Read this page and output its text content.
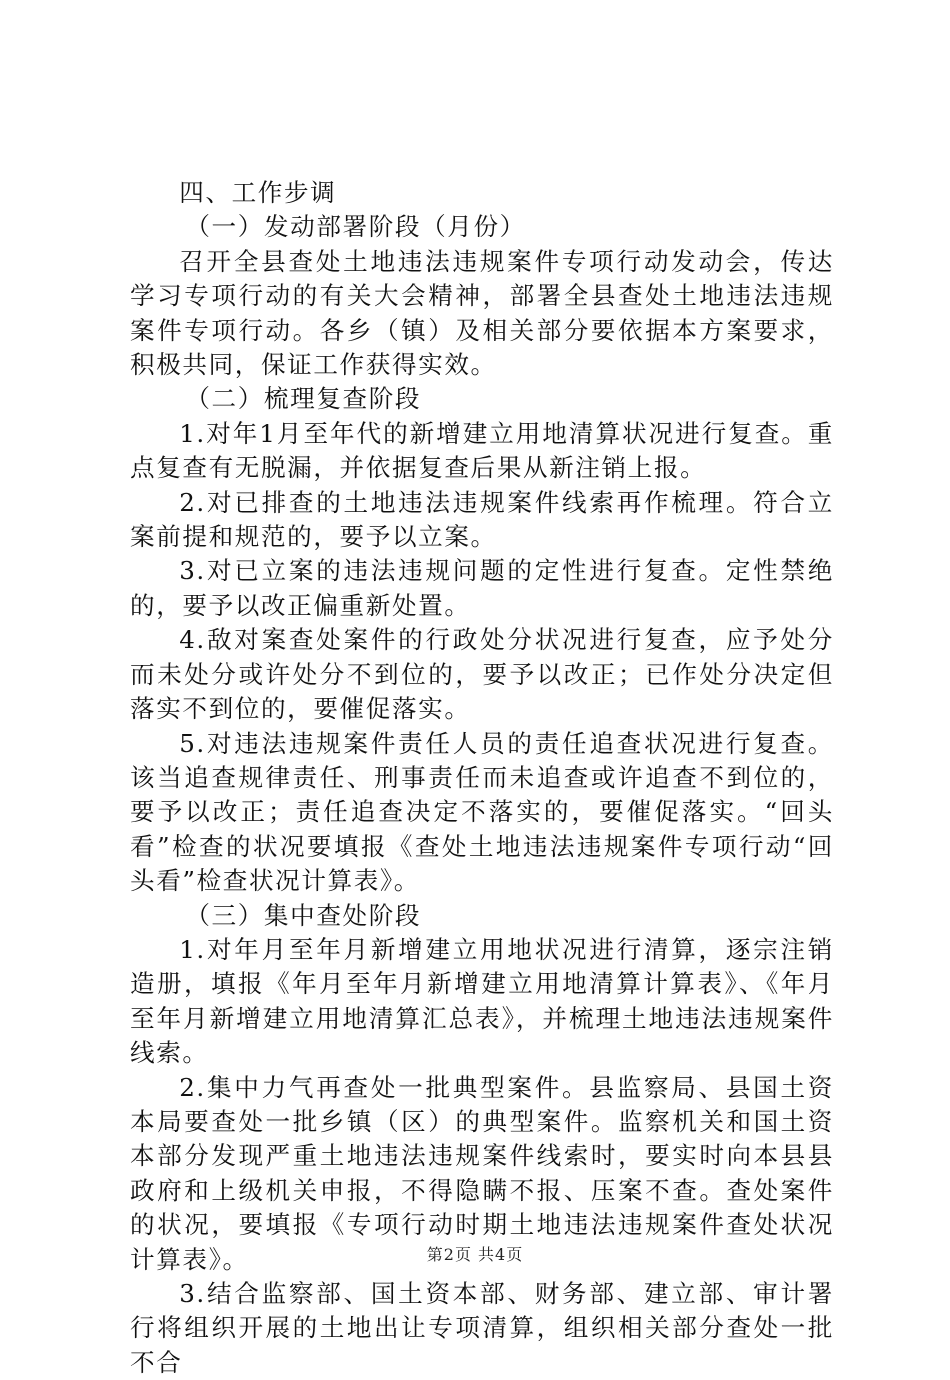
四、工作步调

（一）发动部署阶段（月份）

召开全县查处土地违法违规案件专项行动发动会，传达学习专项行动的有关大会精神，部署全县查处土地违法违规案件专项行动。各乡（镇）及相关部分要依据本方案要求，积极共同，保证工作获得实效。

（二）梳理复查阶段

1.对年1月至年代的新增建立用地清算状况进行复查。重点复查有无脱漏，并依据复查后果从新注销上报。

2.对已排查的土地违法违规案件线索再作梳理。符合立案前提和规范的，要予以立案。

3.对已立案的违法违规问题的定性进行复查。定性禁绝的，要予以改正偏重新处置。

4.敌对案查处案件的行政处分状况进行复查，应予处分而未处分或许处分不到位的，要予以改正；已作处分决定但落实不到位的，要催促落实。

5.对违法违规案件责任人员的责任追查状况进行复查。该当追查规律责任、刑事责任而未追查或许追查不到位的，要予以改正；责任追查决定不落实的，要催促落实。“回头看”检查的状况要填报《查处土地违法违规案件专项行动“回头看”检查状况计算表》。

（三）集中查处阶段

1.对年月至年月新增建立用地状况进行清算，逐宗注销造册，填报《年月至年月新增建立用地清算计算表》、《年月至年月新增建立用地清算汇总表》，并梳理土地违法违规案件线索。

2.集中力气再查处一批典型案件。县监察局、县国土资本局要查处一批乡镇（区）的典型案件。监察机关和国土资本部分发现严重土地违法违规案件线索时，要实时向本县县政府和上级机关申报，不得隐瞒不报、压案不查。查处案件的状况，要填报《专项行动时期土地违法违规案件查处状况计算表》。

3.结合监察部、国土资本部、财务部、建立部、审计署行将组织开展的土地出让专项清算，组织相关部分查处一批不合

第2页 共4页
